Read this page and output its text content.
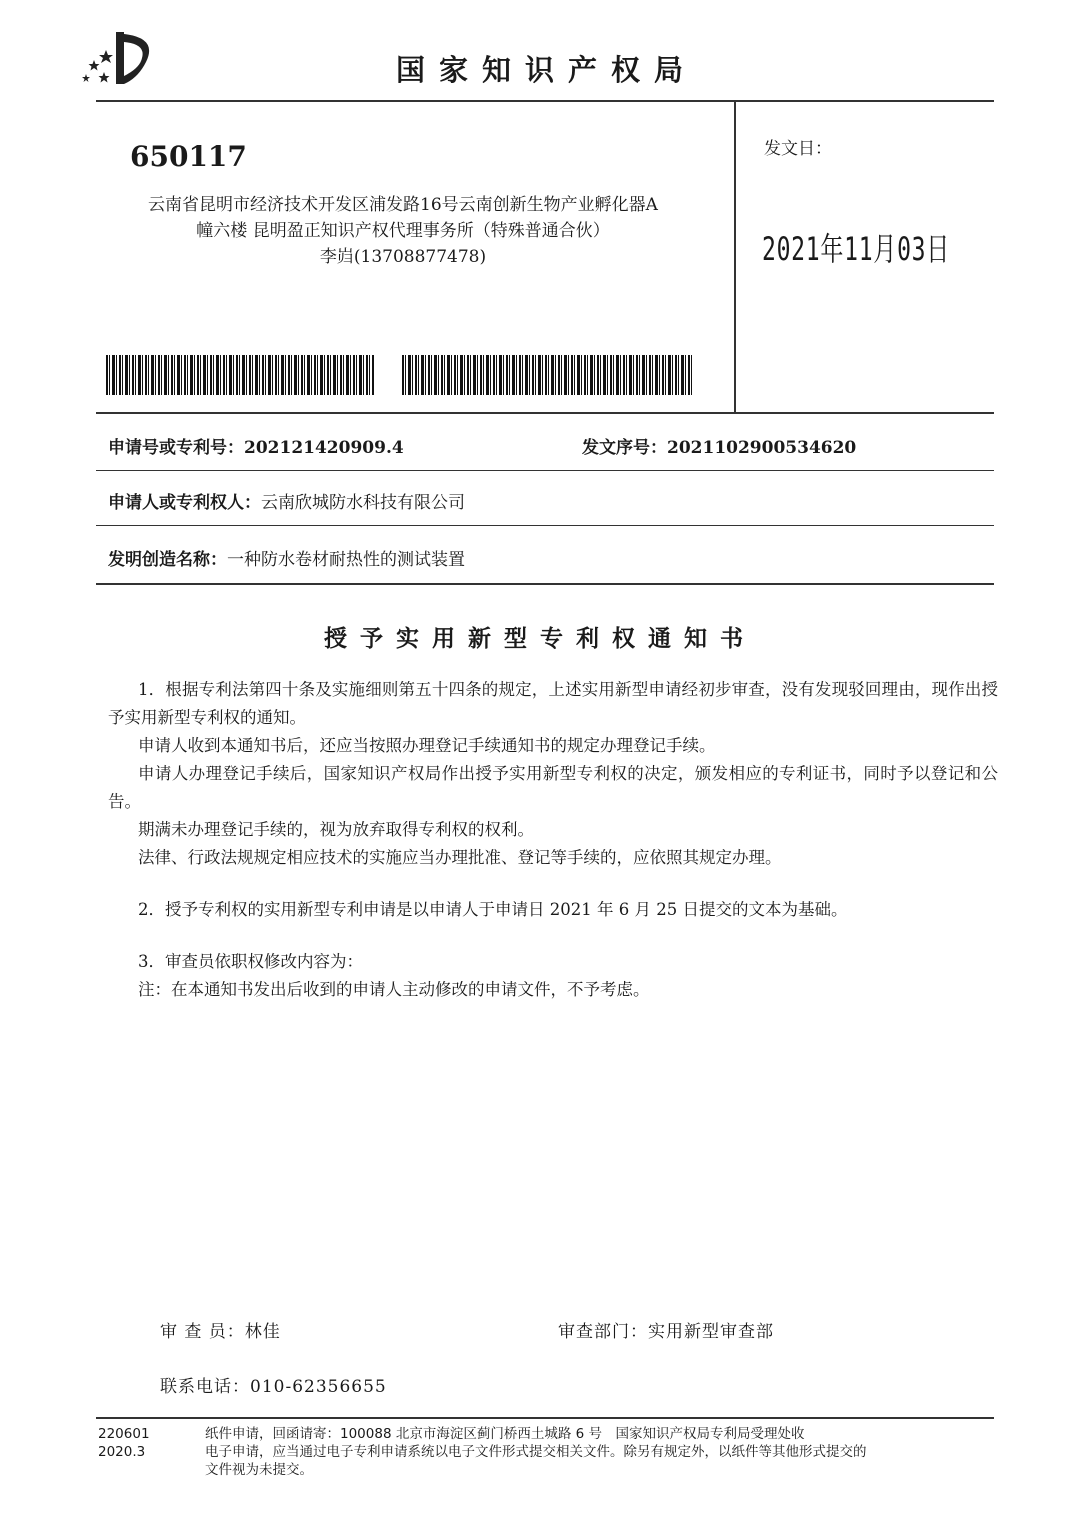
国家知识产权局
650117
云南省昆明市经济技术开发区浦发路16号云南创新生物产业孵化器A
幢六楼 昆明盈正知识产权代理事务所（特殊普通合伙）
李岿(13708877478)
发文日：
2021年11月03日
申请号或专利号：202121420909.4	发文序号：2021102900534620
申请人或专利权人：云南欣城防水科技有限公司
发明创造名称：一种防水卷材耐热性的测试装置
授予实用新型专利权通知书

1．根据专利法第四十条及实施细则第五十四条的规定，上述实用新型申请经初步审查，没有发现驳回理由，现作出授予实用新型专利权的通知。

申请人收到本通知书后，还应当按照办理登记手续通知书的规定办理登记手续。

申请人办理登记手续后，国家知识产权局作出授予实用新型专利权的决定，颁发相应的专利证书，同时予以登记和公告。

期满未办理登记手续的，视为放弃取得专利权的权利。

法律、行政法规规定相应技术的实施应当办理批准、登记等手续的，应依照其规定办理。

2．授予专利权的实用新型专利申请是以申请人于申请日 2021 年 6 月 25 日提交的文本为基础。

3．审查员依职权修改内容为：

注：在本通知书发出后收到的申请人主动修改的申请文件，不予考虑。

审 查 员：林佳	审查部门：实用新型审查部
联系电话：010-62356655
220601
2020.3
纸件申请，回函请寄：100088 北京市海淀区蓟门桥西土城路 6 号　国家知识产权局专利局受理处收
电子申请，应当通过电子专利申请系统以电子文件形式提交相关文件。除另有规定外，以纸件等其他形式提交的
文件视为未提交。
